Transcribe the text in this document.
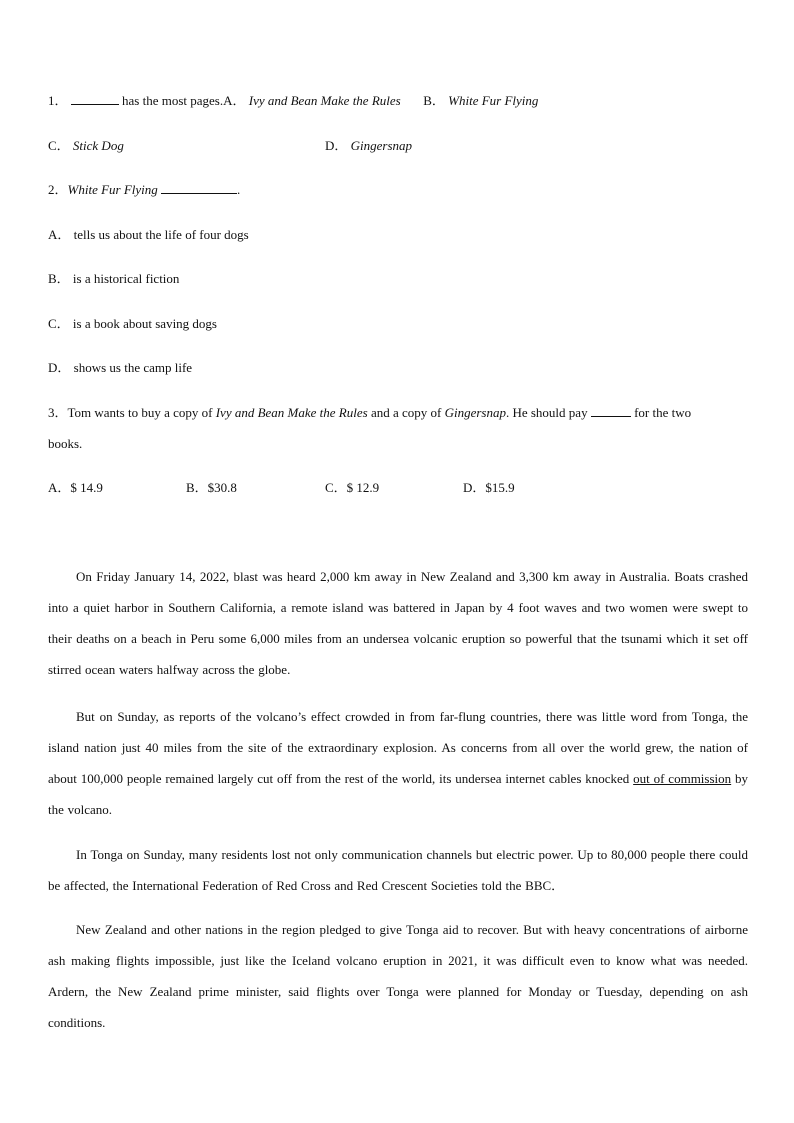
1．	has the most pages.A． Ivy and Bean Make the Rules B． White Fur Flying
C． Stick Dog	D． Gingersnap
2．White Fur Flying	.
A． tells us about the life of four dogs
B． is a historical fiction
C． is a book about saving dogs
D． shows us the camp life
3．Tom wants to buy a copy of Ivy and Bean Make the Rules and a copy of Gingersnap. He should pay	for the two
books.
A．$ 14.9	B．$30.8	C．$ 12.9	D．$15.9
On Friday January 14, 2022, blast was heard 2,000 km away in New Zealand and 3,300 km away in Australia. Boats crashed into a quiet harbor in Southern California, a remote island was battered in Japan by 4 foot waves and two women were swept to their deaths on a beach in Peru some 6,000 miles from an undersea volcanic eruption so powerful that the tsunami which it set off stirred ocean waters halfway across the globe.
But on Sunday, as reports of the volcano’s effect crowded in from far-flung countries, there was little word from Tonga, the island nation just 40 miles from the site of the extraordinary explosion. As concerns from all over the world grew, the nation of about 100,000 people remained largely cut off from the rest of the world, its undersea internet cables knocked out of commission by the volcano.
In Tonga on Sunday, many residents lost not only communication channels but electric power. Up to 80,000 people there could be affected, the International Federation of Red Cross and Red Crescent Societies told the BBC．
New Zealand and other nations in the region pledged to give Tonga aid to recover. But with heavy concentrations of airborne ash making flights impossible, just like the Iceland volcano eruption in 2021, it was difficult even to know what was needed. Ardern, the New Zealand prime minister, said flights over Tonga were planned for Monday or Tuesday, depending on ash conditions.
